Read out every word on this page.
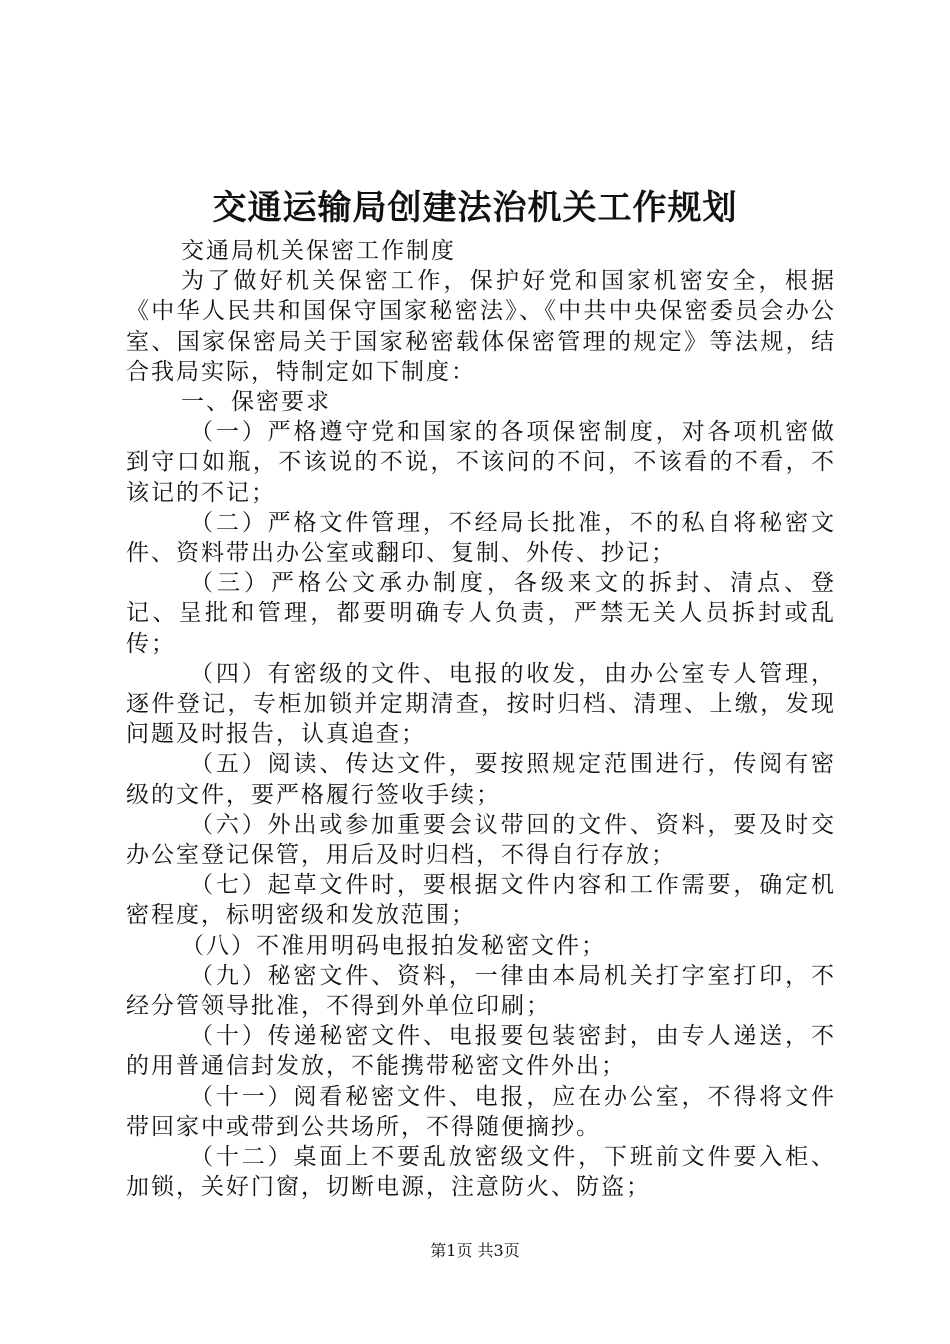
交通运输局创建法治机关工作规划

交通局机关保密工作制度

为了做好机关保密工作，保护好党和国家机密安全，根据《中华人民共和国保守国家秘密法》、《中共中央保密委员会办公室、国家保密局关于国家秘密载体保密管理的规定》等法规，结合我局实际，特制定如下制度：

一、保密要求

（一）严格遵守党和国家的各项保密制度，对各项机密做到守口如瓶，不该说的不说，不该问的不问，不该看的不看，不该记的不记；

（二）严格文件管理，不经局长批准，不的私自将秘密文件、资料带出办公室或翻印、复制、外传、抄记；

（三）严格公文承办制度，各级来文的拆封、清点、登记、呈批和管理，都要明确专人负责，严禁无关人员拆封或乱传；

（四）有密级的文件、电报的收发，由办公室专人管理，逐件登记，专柜加锁并定期清查，按时归档、清理、上缴，发现问题及时报告，认真追查；

（五）阅读、传达文件，要按照规定范围进行，传阅有密级的文件，要严格履行签收手续；

（六）外出或参加重要会议带回的文件、资料，要及时交办公室登记保管，用后及时归档，不得自行存放；

（七）起草文件时，要根据文件内容和工作需要，确定机密程度，标明密级和发放范围；

（八）不准用明码电报拍发秘密文件；

（九）秘密文件、资料，一律由本局机关打字室打印，不经分管领导批准，不得到外单位印刷；

（十）传递秘密文件、电报要包装密封，由专人递送，不的用普通信封发放，不能携带秘密文件外出；

（十一）阅看秘密文件、电报，应在办公室，不得将文件带回家中或带到公共场所，不得随便摘抄。

（十二）桌面上不要乱放密级文件，下班前文件要入柜、加锁，关好门窗，切断电源，注意防火、防盗；

第1页 共3页
